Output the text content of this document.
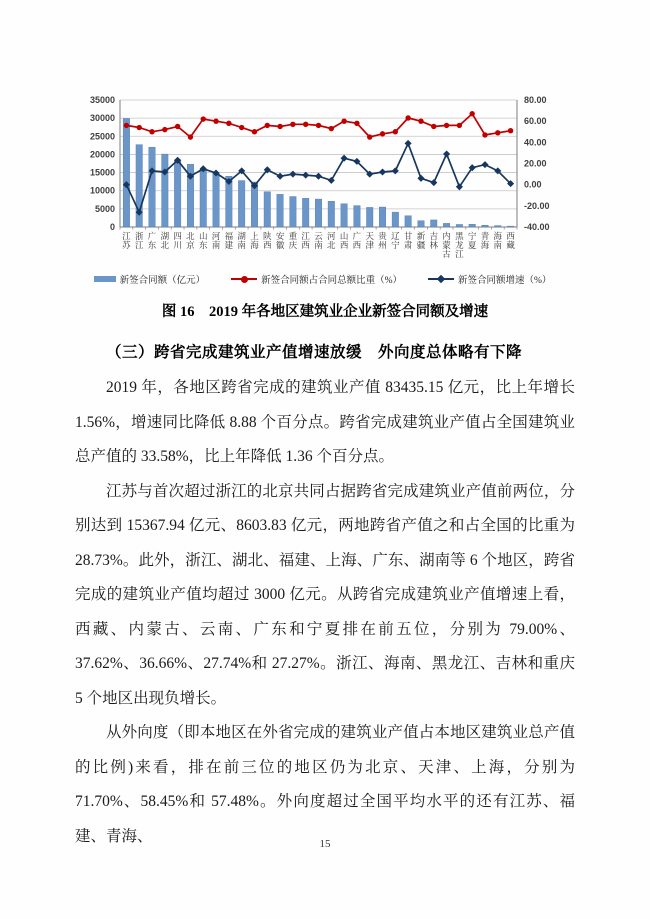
0
5000
10000
15000
20000
25000
30000
35000
-40.00
-20.00
0.00
20.00
40.00
60.00
80.00
江苏
浙江
广东
湖北
四川
北京
山东
河南
福建
湖南
上海
陕西
安徽
重庆
江西
云南
河北
山西
广西
天津
贵州
辽宁
甘肃
新疆
吉林
内蒙古
黑龙江
宁夏
青海
海南
西藏
新签合同额（亿元）	新签合同额占合同总额比重（%）	新签合同额增速（%）

图 16　2019 年各地区建筑业企业新签合同额及增速

（三）跨省完成建筑业产值增速放缓　外向度总体略有下降

2019 年，各地区跨省完成的建筑业产值 83435.15 亿元，比上年增长 1.56%，增速同比降低 8.88 个百分点。跨省完成建筑业产值占全国建筑业总产值的 33.58%，比上年降低 1.36 个百分点。

江苏与首次超过浙江的北京共同占据跨省完成建筑业产值前两位，分别达到 15367.94 亿元、8603.83 亿元，两地跨省产值之和占全国的比重为 28.73%。此外，浙江、湖北、福建、上海、广东、湖南等 6 个地区，跨省完成的建筑业产值均超过 3000 亿元。从跨省完成建筑业产值增速上看，西藏、内蒙古、云南、广东和宁夏排在前五位，分别为 79.00%、37.62%、36.66%、27.74%和 27.27%。浙江、海南、黑龙江、吉林和重庆 5 个地区出现负增长。

从外向度（即本地区在外省完成的建筑业产值占本地区建筑业总产值的比例)来看，排在前三位的地区仍为北京、天津、上海，分别为 71.70%、58.45%和 57.48%。外向度超过全国平均水平的还有江苏、福建、青海、	15
